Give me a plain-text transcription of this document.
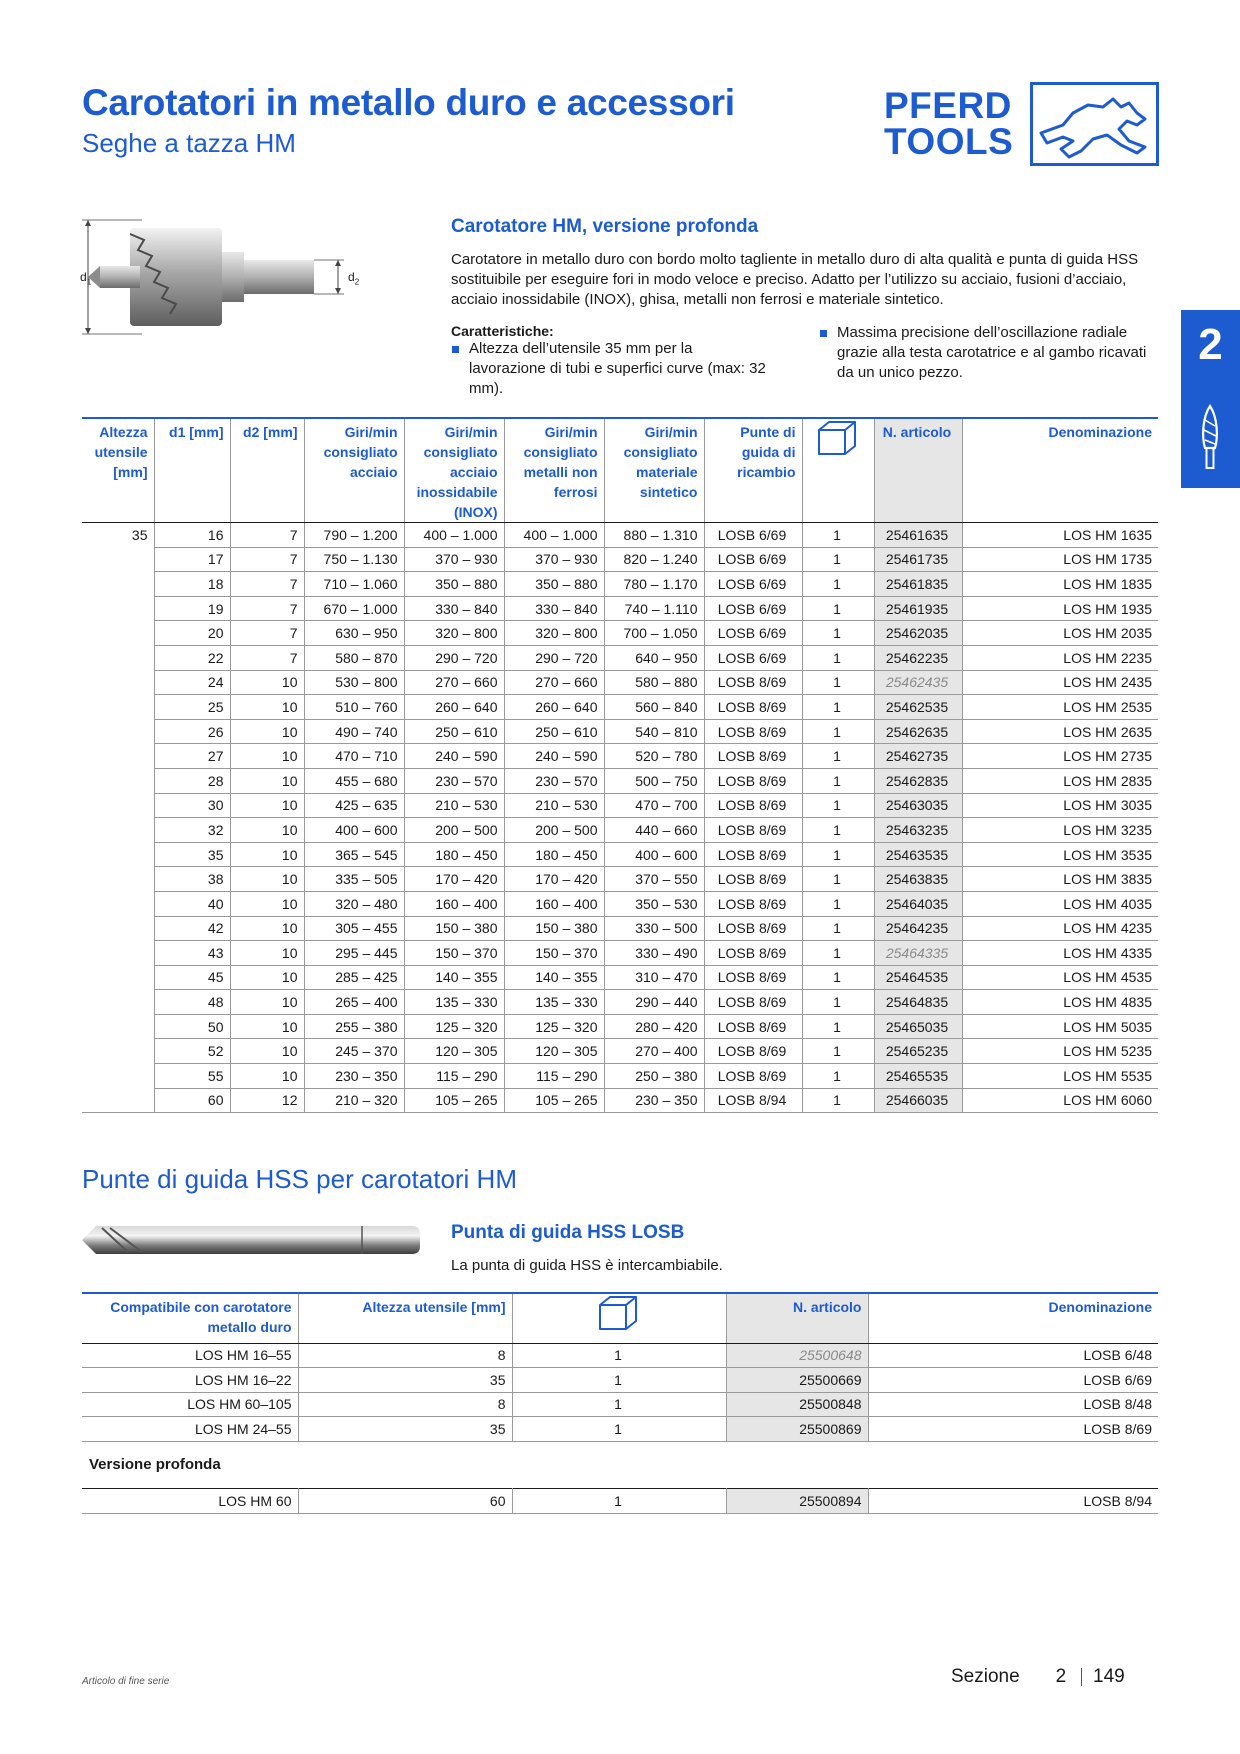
Carotatori in metallo duro e accessori
Seghe a tazza HM
PFERD
TOOLS
2
$d_1$	$d_2$
Carotatore HM, versione profonda
Carotatore in metallo duro con bordo molto tagliente in metallo duro di alta qualità e punta di guida HSS sostituibile per eseguire fori in modo veloce e preciso. Adatto per l’utilizzo su acciaio, fusioni d’acciaio, acciaio inossidabile (INOX), ghisa, metalli non ferrosi e materiale sintetico.
Caratteristiche:
Altezza dell’utensile 35 mm per la lavorazione di tubi e superfici curve (max: 32 mm).
Massima precisione dell’oscillazione radiale grazie alla testa carotatrice e al gambo ricavati da un unico pezzo.
Altezza utensile [mm]	d1 [mm]	d2 [mm]	Giri/min consigliato acciaio	Giri/min consigliato acciaio inossidabile (INOX)	Giri/min consigliato metalli non ferrosi	Giri/min consigliato materiale sintetico	Punte di guida di ricambio		N. articolo	Denominazione
35	16	7	790 – 1.200	400 – 1.000	400 – 1.000	880 – 1.310	LOSB 6/69	1	25461635	LOS HM 1635
	17	7	750 – 1.130	370 – 930	370 – 930	820 – 1.240	LOSB 6/69	1	25461735	LOS HM 1735
	18	7	710 – 1.060	350 – 880	350 – 880	780 – 1.170	LOSB 6/69	1	25461835	LOS HM 1835
	19	7	670 – 1.000	330 – 840	330 – 840	740 – 1.110	LOSB 6/69	1	25461935	LOS HM 1935
	20	7	630 – 950	320 – 800	320 – 800	700 – 1.050	LOSB 6/69	1	25462035	LOS HM 2035
	22	7	580 – 870	290 – 720	290 – 720	640 – 950	LOSB 6/69	1	25462235	LOS HM 2235
	24	10	530 – 800	270 – 660	270 – 660	580 – 880	LOSB 8/69	1	25462435	LOS HM 2435
	25	10	510 – 760	260 – 640	260 – 640	560 – 840	LOSB 8/69	1	25462535	LOS HM 2535
	26	10	490 – 740	250 – 610	250 – 610	540 – 810	LOSB 8/69	1	25462635	LOS HM 2635
	27	10	470 – 710	240 – 590	240 – 590	520 – 780	LOSB 8/69	1	25462735	LOS HM 2735
	28	10	455 – 680	230 – 570	230 – 570	500 – 750	LOSB 8/69	1	25462835	LOS HM 2835
	30	10	425 – 635	210 – 530	210 – 530	470 – 700	LOSB 8/69	1	25463035	LOS HM 3035
	32	10	400 – 600	200 – 500	200 – 500	440 – 660	LOSB 8/69	1	25463235	LOS HM 3235
	35	10	365 – 545	180 – 450	180 – 450	400 – 600	LOSB 8/69	1	25463535	LOS HM 3535
	38	10	335 – 505	170 – 420	170 – 420	370 – 550	LOSB 8/69	1	25463835	LOS HM 3835
	40	10	320 – 480	160 – 400	160 – 400	350 – 530	LOSB 8/69	1	25464035	LOS HM 4035
	42	10	305 – 455	150 – 380	150 – 380	330 – 500	LOSB 8/69	1	25464235	LOS HM 4235
	43	10	295 – 445	150 – 370	150 – 370	330 – 490	LOSB 8/69	1	25464335	LOS HM 4335
	45	10	285 – 425	140 – 355	140 – 355	310 – 470	LOSB 8/69	1	25464535	LOS HM 4535
	48	10	265 – 400	135 – 330	135 – 330	290 – 440	LOSB 8/69	1	25464835	LOS HM 4835
	50	10	255 – 380	125 – 320	125 – 320	280 – 420	LOSB 8/69	1	25465035	LOS HM 5035
	52	10	245 – 370	120 – 305	120 – 305	270 – 400	LOSB 8/69	1	25465235	LOS HM 5235
	55	10	230 – 350	115 – 290	115 – 290	250 – 380	LOSB 8/69	1	25465535	LOS HM 5535
	60	12	210 – 320	105 – 265	105 – 265	230 – 350	LOSB 8/94	1	25466035	LOS HM 6060
Punte di guida HSS per carotatori HM
Punta di guida HSS LOSB
La punta di guida HSS è intercambiabile.
Compatibile con carotatore metallo duro	Altezza utensile [mm]		N. articolo	Denominazione
LOS HM 16–55	8	1	25500648	LOSB 6/48
LOS HM 16–22	35	1	25500669	LOSB 6/69
LOS HM 60–105	8	1	25500848	LOSB 8/48
LOS HM 24–55	35	1	25500869	LOSB 8/69
Versione profonda
LOS HM 60	60	1	25500894	LOSB 8/94
Articolo di fine serie	Sezione 2 149
